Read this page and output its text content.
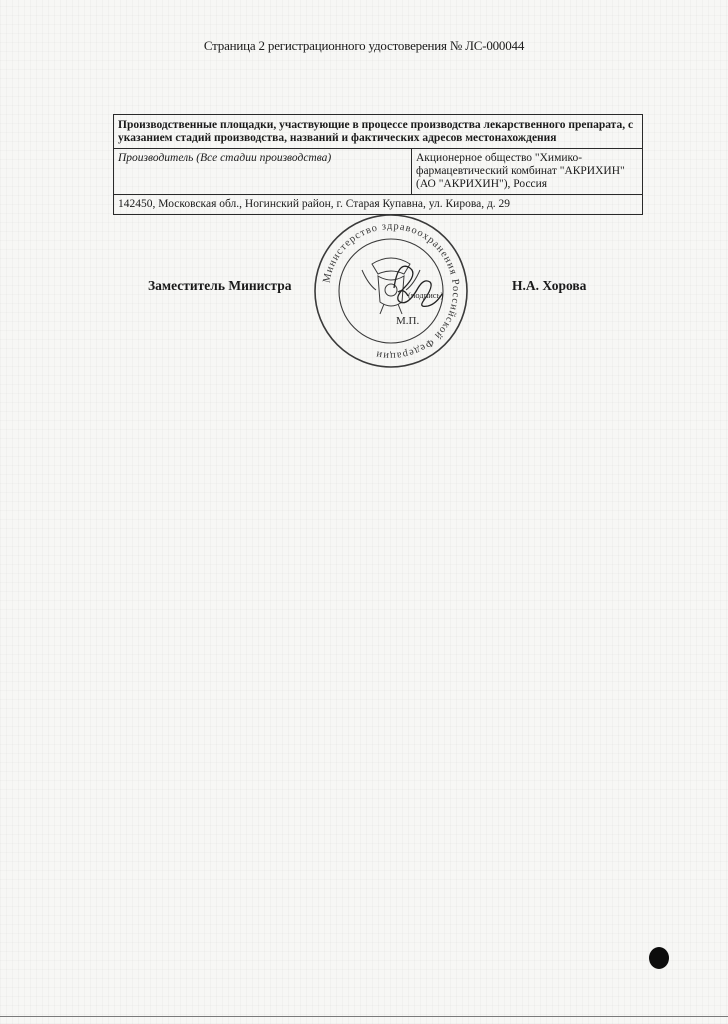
Страница 2 регистрационного удостоверения № ЛС-000044
Производственные площадки, участвующие в процессе производства лекарственного препарата, с указанием стадий производства, названий и фактических адресов местонахождения
Производитель (Все стадии производства)	Акционерное общество "Химико-фармацевтический комбинат "АКРИХИН" (АО "АКРИХИН"), Россия
142450, Московская обл., Ногинский район, г. Старая Купавна, ул. Кирова, д. 29
Заместитель Министра	Н.А. Хорова
Министерство здравоохранения Российской Федерации
(подпись)
М.П.
